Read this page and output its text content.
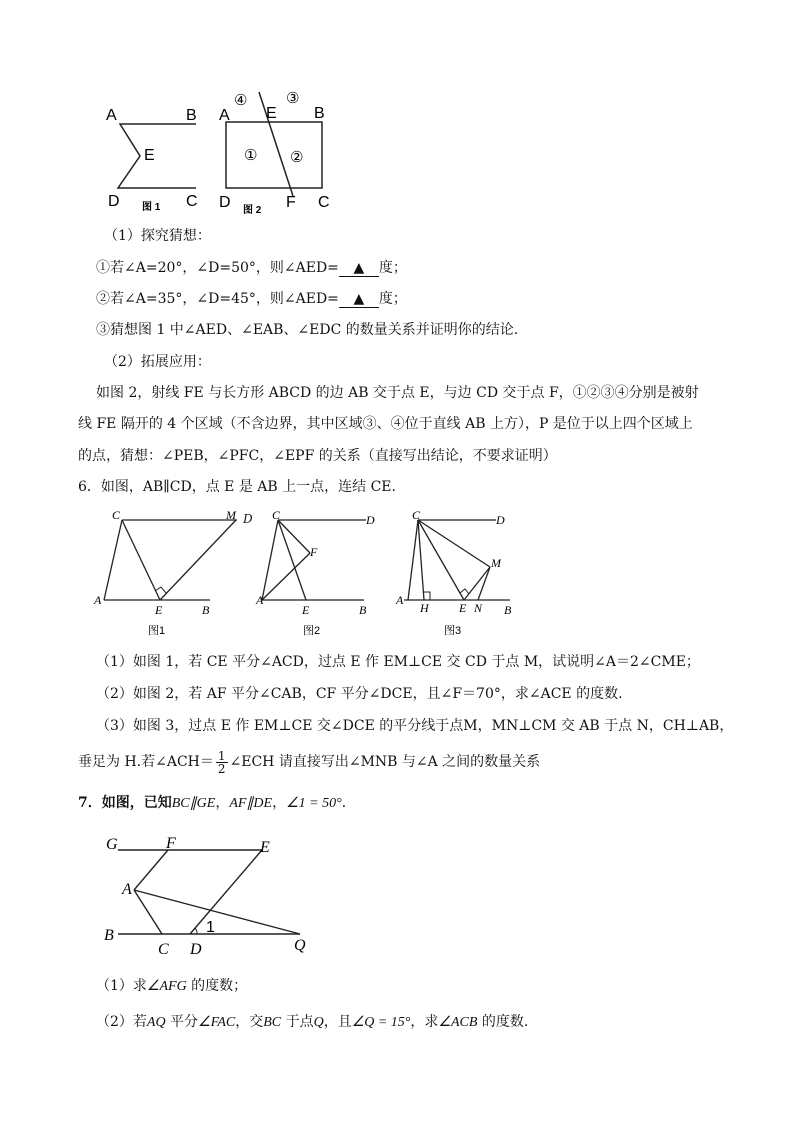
A	B
E
D	C
图 1
④
E
③
A	B
① ②
D 图 2 F C
（1）探究猜想：
①若∠A=20°，∠D=50°，则∠AED= ▲ 度；
②若∠A=35°，∠D=45°，则∠AED= ▲ 度；
③猜想图 1 中∠AED、∠EAB、∠EDC 的数量关系并证明你的结论．
（2）拓展应用：
如图 2，射线 FE 与长方形 ABCD 的边 AB 交于点 E，与边 CD 交于点 F，①②③④分别是被射
线 FE 隔开的 4 个区域（不含边界，其中区域③、④位于直线 AB 上方），P 是位于以上四个区域上
的点，猜想：∠PEB，∠PFC，∠EPF 的关系（直接写出结论，不要求证明）
6．如图，AB∥CD，点 E 是 AB 上一点，连结 CE.
C	M
A
E	B
图1
D C	D
F
A
E	B
图2
C	D
M
A
H	E N B
图3
（1）如图 1，若 CE 平分∠ACD，过点 E 作 EM⊥CE 交 CD 于点 M，试说明∠A＝2∠CME；
（2）如图 2，若 AF 平分∠CAB，CF 平分∠DCE，且∠F＝70°，求∠ACE 的度数.
（3）如图 3，过点 E 作 EM⊥CE 交∠DCE 的平分线于点M，MN⊥CM 交 AB 于点 N，CH⊥AB，
垂足为 H.若∠ACH＝ $\frac{1}{2}$ ∠ECH 请直接写出∠MNB 与∠A 之间的数量关系
7．如图，已知BC∥GE，AF∥DE，∠1 = 50°．
G	F	E
A
1
B
C D	Q
（1）求∠AFG 的度数；
（2）若AQ 平分∠FAC，交BC 于点Q，且∠Q = 15°，求∠ACB 的度数.
